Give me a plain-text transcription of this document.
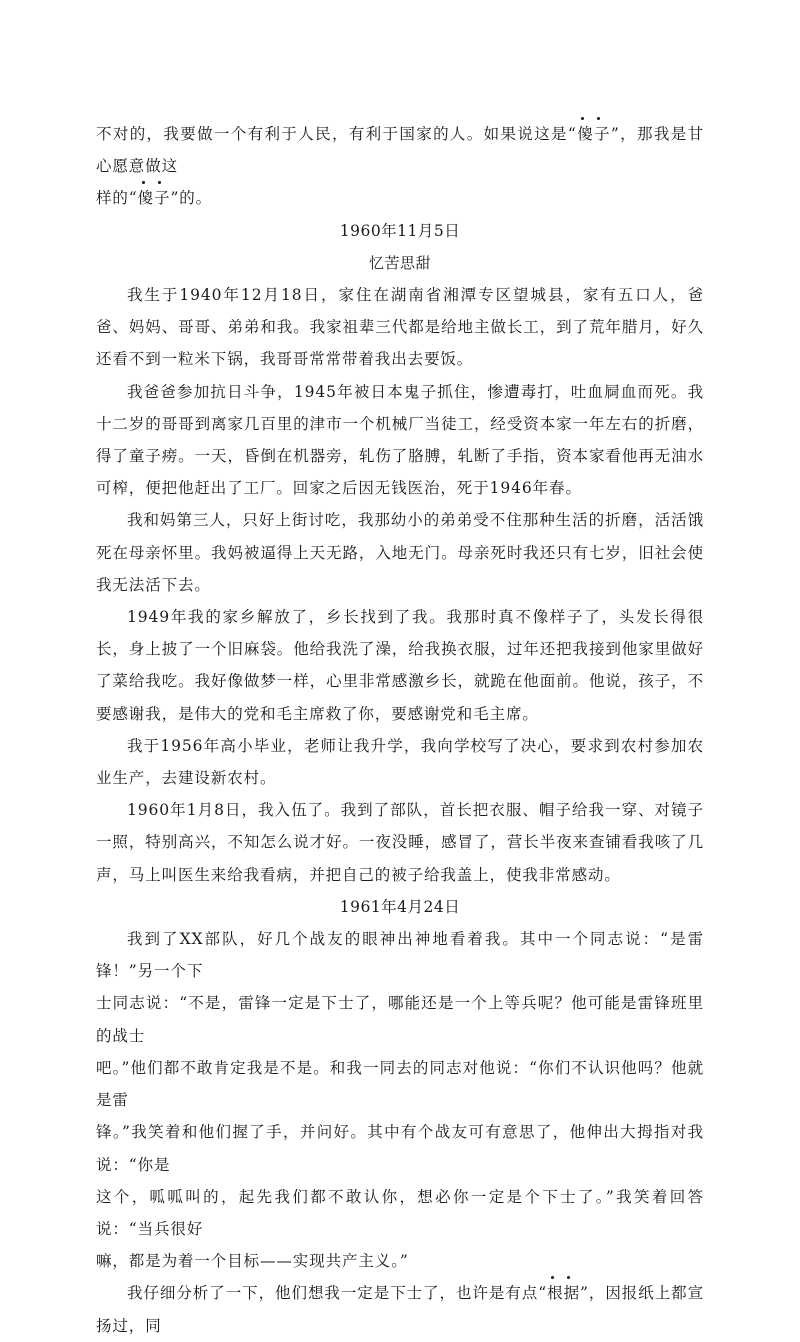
不对的，我要做一个有利于人民，有利于国家的人。如果说这是“
傻子”，那我是甘心愿意做这
样的“
傻子”的。

1960年11月5日

忆苦思甜

我生于1940年12月18日，家住在湖南省湘潭专区望城县，家有五口人，爸爸、妈妈、哥哥、弟弟和我。我家祖辈三代都是给地主做长工，到了荒年腊月，好久还看不到一粒米下锅，我哥哥常常带着我出去要饭。

我爸爸参加抗日斗争，1945年被日本鬼子抓住，惨遭毒打，吐血屙血而死。我十二岁的哥哥到离家几百里的津市一个机械厂当徒工，经受资本家一年左右的折磨，得了童子痨。一天，昏倒在机器旁，轧伤了胳膊，轧断了手指，资本家看他再无油水可榨，便把他赶出了工厂。回家之后因无钱医治，死于1946年春。

我和妈第三人，只好上街讨吃，我那幼小的弟弟受不住那种生活的折磨，活活饿死在母亲怀里。我妈被逼得上天无路，入地无门。母亲死时我还只有七岁，旧社会使我无法活下去。

1949年我的家乡解放了，乡长找到了我。我那时真不像样子了，头发长得很长，身上披了一个旧麻袋。他给我洗了澡，给我换衣服，过年还把我接到他家里做好了菜给我吃。我好像做梦一样，心里非常感激乡长，就跪在他面前。他说，孩子，不要感谢我，是伟大的党和毛主席救了你，要感谢党和毛主席。

我于1956年高小毕业，老师让我升学，我向学校写了决心，要求到农村参加农业生产，去建设新农村。

1960年1月8日，我入伍了。我到了部队，首长把衣服、帽子给我一穿、对镜子一照，特别高兴，不知怎么说才好。一夜没睡，感冒了，营长半夜来查铺看我咳了几声，马上叫医生来给我看病，并把自己的被子给我盖上，使我非常感动。

1961年4月24日

我到了XX部队，好几个战友的眼神出神地看着我。其中一个同志说：“是雷锋！”另一个下
士同志说：“不是，雷锋一定是下士了，哪能还是一个上等兵呢？他可能是雷锋班里的战士
吧。”他们都不敢肯定我是不是。和我一同去的同志对他说：“你们不认识他吗？他就是雷
锋。”我笑着和他们握了手，并问好。其中有个战友可有意思了，他伸出大拇指对我说：“你是
这个，呱呱叫的，起先我们都不敢认你，想必你一定是个下士了。”我笑着回答说：“当兵很好
嘛，都是为着一个目标——实现共产主义。”

我仔细分析了一下，他们想我一定是下士了，也许是有点“
根据”，因报纸上都宣扬过，同
